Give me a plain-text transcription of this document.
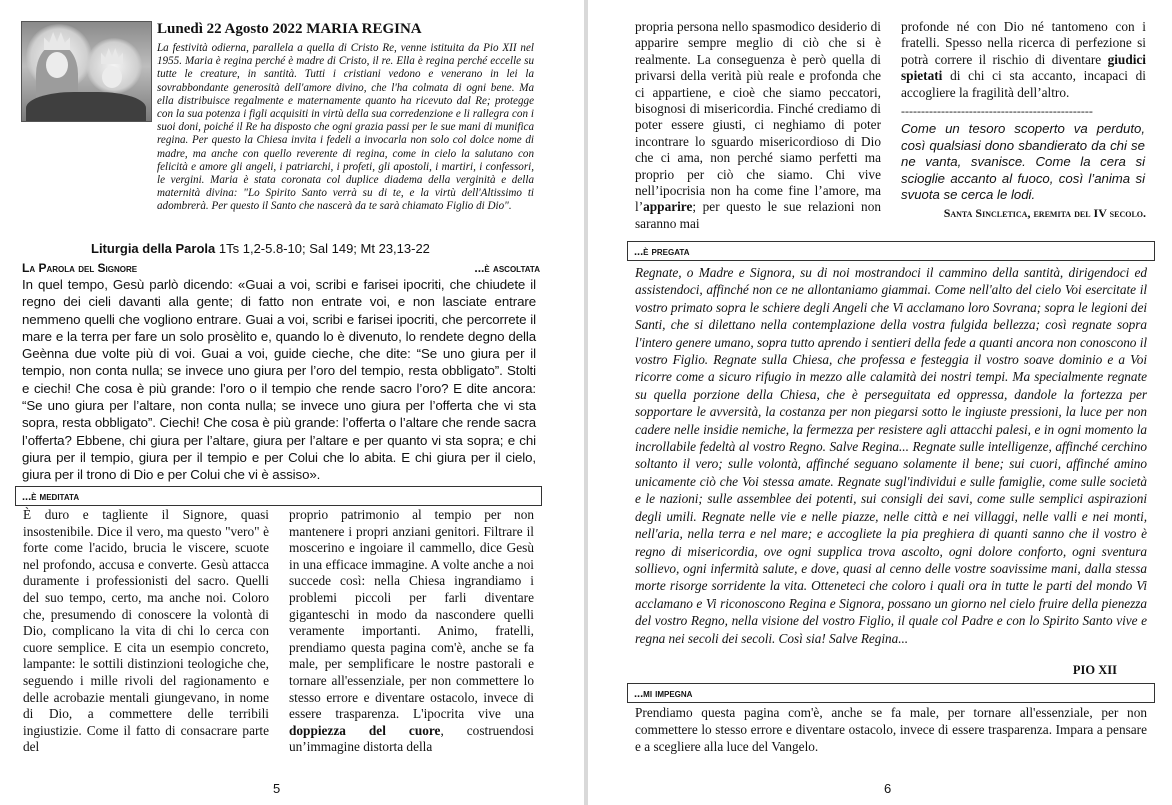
Lunedì 22 Agosto 2022 MARIA REGINA
La festività odierna, parallela a quella di Cristo Re, venne istituita da Pio XII nel 1955. Maria è regina perché è madre di Cristo, il re. Ella è regina perché eccelle su tutte le creature, in santità. Tutti i cristiani vedono e venerano in lei la sovrabbondante generosità dell'amore divino, che l'ha colmata di ogni bene. Ma ella distribuisce regalmente e maternamente quanto ha ricevuto dal Re; protegge con la sua potenza i figli acquisiti in virtù della sua corredenzione e li rallegra con i suoi doni, poiché il Re ha disposto che ogni grazia passi per le sue mani di munifica regina. Per questo la Chiesa invita i fedeli a invocarla non solo col dolce nome di madre, ma anche con quello reverente di regina, come in cielo la salutano con felicità e amore gli angeli, i patriarchi, i profeti, gli apostoli, i martiri, i confessori, le vergini. Maria è stata coronata col duplice diadema della verginità e della maternità divina: "Lo Spirito Santo verrà su di te, e la virtù dell'Altissimo ti adombrerà. Per questo il Santo che nascerà da te sarà chiamato Figlio di Dio".
Liturgia della Parola 1Ts 1,2-5.8-10; Sal 149; Mt 23,13-22
La Parola del Signore	...è ascoltata
In quel tempo, Gesù parlò dicendo: «Guai a voi, scribi e farisei ipocriti, che chiudete il regno dei cieli davanti alla gente; di fatto non entrate voi, e non lasciate entrare nemmeno quelli che vogliono entrare. Guai a voi, scribi e farisei ipocriti, che percorrete il mare e la terra per fare un solo prosèlito e, quando lo è divenuto, lo rendete degno della Geènna due volte più di voi. Guai a voi, guide cieche, che dite: “Se uno giura per il tempio, non conta nulla; se invece uno giura per l’oro del tempio, resta obbligato”. Stolti e ciechi! Che cosa è più grande: l’oro o il tempio che rende sacro l’oro? E dite ancora: “Se uno giura per l’altare, non conta nulla; se invece uno giura per l’offerta che vi sta sopra, resta obbligato”. Ciechi! Che cosa è più grande: l’offerta o l’altare che rende sacra l’offerta? Ebbene, chi giura per l’altare, giura per l’altare e per quanto vi sta sopra; e chi giura per il tempio, giura per il tempio e per Colui che lo abita. E chi giura per il cielo, giura per il trono di Dio e per Colui che vi è assiso».
...è meditata
È duro e tagliente il Signore, quasi insostenibile. Dice il vero, ma questo "vero" è forte come l'acido, brucia le viscere, scuote nel profondo, accusa e converte. Gesù attacca duramente i professionisti del sacro. Quelli del suo tempo, certo, ma anche noi. Coloro che, presumendo di conoscere la volontà di Dio, complicano la vita di chi lo cerca con cuore semplice. E cita un esempio concreto, lampante: le sottili distinzioni teologiche che, seguendo i mille rivoli del ragionamento e delle acrobazie mentali giungevano, in nome di Dio, a commettere delle terribili ingiustizie. Come il fatto di consacrare parte del
proprio patrimonio al tempio per non mantenere i propri anziani genitori. Filtrare il moscerino e ingoiare il cammello, dice Gesù in una efficace immagine. A volte anche a noi succede così: nella Chiesa ingrandiamo i problemi piccoli per farli diventare giganteschi in modo da nascondere quelli veramente importanti. Animo, fratelli, prendiamo questa pagina com'è, anche se fa male, per semplificare le nostre pastorali e tornare all'essenziale, per non commettere lo stesso errore e diventare ostacolo, invece di essere trasparenza. L'ipocrita vive una doppiezza del cuore, costruendosi un’immagine distorta della
5
propria persona nello spasmodico desiderio di apparire sempre meglio di ciò che si è realmente. La conseguenza è però quella di privarsi della verità più reale e profonda che ci appartiene, e cioè che siamo peccatori, bisognosi di misericordia. Finché crediamo di poter essere giusti, ci neghiamo di poter incontrare lo sguardo misericordioso di Dio che ci ama, non perché siamo perfetti ma proprio per ciò che siamo. Chi vive nell’ipocrisia non ha come fine l’amore, ma l’apparire; per questo le sue relazioni non saranno mai
profonde né con Dio né tantomeno con i fratelli. Spesso nella ricerca di perfezione si potrà correre il rischio di diventare giudici spietati di chi ci sta accanto, incapaci di accogliere la fragilità dell’altro.
------------------------------------------------
Come un tesoro scoperto va perduto, così qualsiasi dono sbandierato da chi se ne vanta, svanisce. Come la cera si scioglie accanto al fuoco, così l’anima si svuota se cerca le lodi.
Santa Sincletica, eremita del IV secolo.
...è pregata
Regnate, o Madre e Signora, su di noi mostrandoci il cammino della santità, dirigendoci ed assistendoci, affinché non ce ne allontaniamo giammai. Come nell'alto del cielo Voi esercitate il vostro primato sopra le schiere degli Angeli che Vi acclamano loro Sovrana; sopra le legioni dei Santi, che si dilettano nella contemplazione della vostra fulgida bellezza; così regnate sopra l'intero genere umano, sopra tutto aprendo i sentieri della fede a quanti ancora non conoscono il vostro Figlio. Regnate sulla Chiesa, che professa e festeggia il vostro soave dominio e a Voi ricorre come a sicuro rifugio in mezzo alle calamità dei nostri tempi. Ma specialmente regnate su quella porzione della Chiesa, che è perseguitata ed oppressa, dandole la fortezza per sopportare le avversità, la costanza per non piegarsi sotto le ingiuste pressioni, la luce per non cadere nelle insidie nemiche, la fermezza per resistere agli attacchi palesi, e in ogni momento la incrollabile fedeltà al vostro Regno. Salve Regina... Regnate sulle intelligenze, affinché cerchino soltanto il vero; sulle volontà, affinché seguano solamente il bene; sui cuori, affinché amino unicamente ciò che Voi stessa amate. Regnate sugl'individui e sulle famiglie, come sulle società e le nazioni; sulle assemblee dei potenti, sui consigli dei savi, come sulle semplici aspirazioni degli umili. Regnate nelle vie e nelle piazze, nelle città e nei villaggi, nelle valli e nei monti, nell'aria, nella terra e nel mare; e accogliete la pia preghiera di quanti sanno che il vostro è regno di misericordia, ove ogni supplica trova ascolto, ogni dolore conforto, ogni sventura sollievo, ogni infermità salute, e dove, quasi al cenno delle vostre soavissime mani, dalla stessa morte risorge sorridente la vita. Otteneteci che coloro i quali ora in tutte le parti del mondo Vi acclamano e Vi riconoscono Regina e Signora, possano un giorno nel cielo fruire della pienezza del vostro Regno, nella visione del vostro Figlio, il quale col Padre e con lo Spirito Santo vive e regna nei secoli dei secoli. Così sia! Salve Regina...
PIO XII
...mi impegna
Prendiamo questa pagina com'è, anche se fa male, per tornare all'essenziale, per non commettere lo stesso errore e diventare ostacolo, invece di essere trasparenza. Impara a pensare e a scegliere alla luce del Vangelo.
6
